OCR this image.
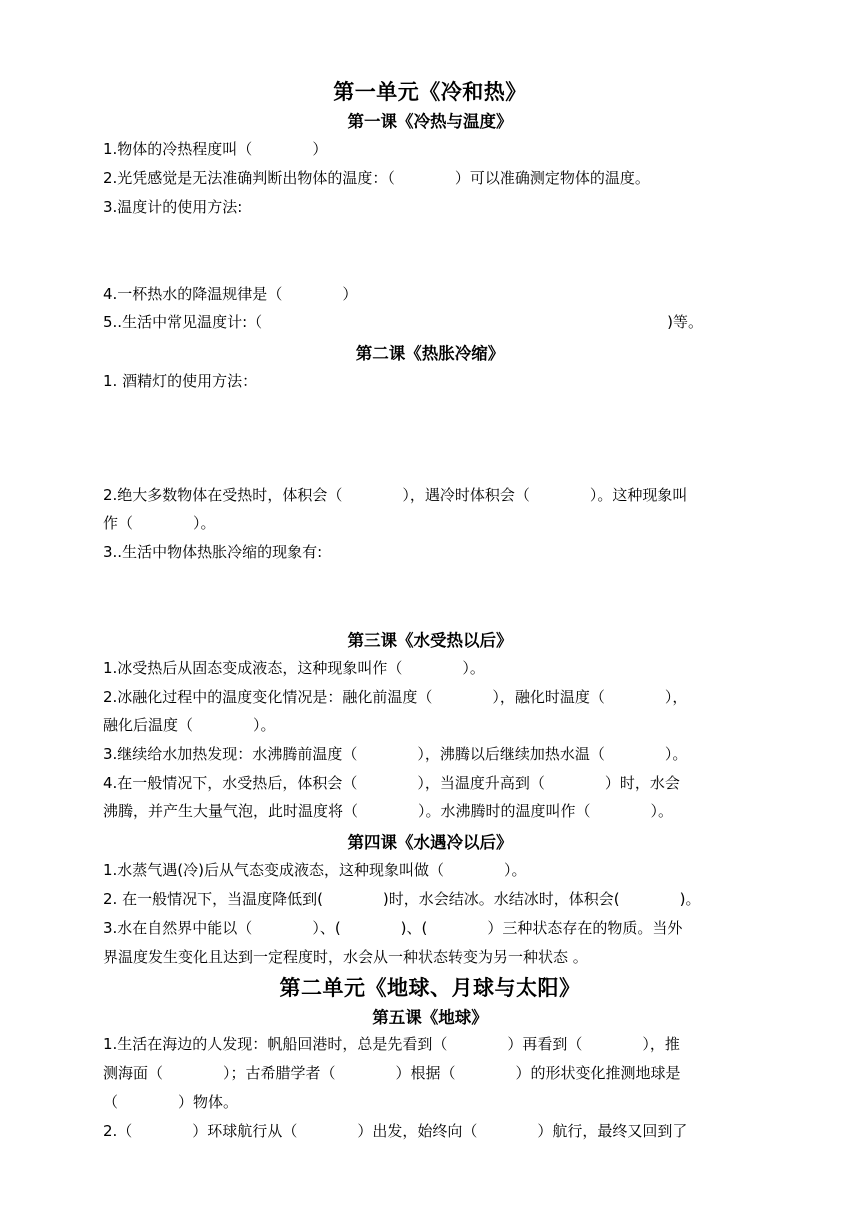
第一单元《冷和热》
第一课《冷热与温度》
1.物体的冷热程度叫（　　　　）
2.光凭感觉是无法准确判断出物体的温度：（　　　　）可以准确测定物体的温度。
3.温度计的使用方法:
4.一杯热水的降温规律是（　　　　）
5..生活中常见温度计:（　　　　　　　　　　　　　　　　　　　　　　　　　　　)等。
第二课《热胀冷缩》
1. 酒精灯的使用方法：
2.绝大多数物体在受热时，体积会（　　　　），遇冷时体积会（　　　　）。这种现象叫
作（　　　　）。
3..生活中物体热胀冷缩的现象有:
第三课《水受热以后》
1.冰受热后从固态变成液态，这种现象叫作（　　　　）。
2.冰融化过程中的温度变化情况是：融化前温度（　　　　），融化时温度（　　　　），
融化后温度（　　　　）。
3.继续给水加热发现：水沸腾前温度（　　　　），沸腾以后继续加热水温（　　　　）。
4.在一般情况下，水受热后，体积会（　　　　），当温度升高到（　　　　）时，水会
沸腾，并产生大量气泡，此时温度将（　　　　）。水沸腾时的温度叫作（　　　　）。
第四课《水遇冷以后》
1.水蒸气遇(冷)后从气态变成液态，这种现象叫做（　　　　）。
2. 在一般情况下，当温度降低到(　　　　)时，水会结冰。水结冰时，体积会(　　　　)。
3.水在自然界中能以（　　　　）、(　　　　)、(　　　　）三种状态存在的物质。当外
界温度发生变化且达到一定程度时，水会从一种状态转变为另一种状态 。
第二单元《地球、月球与太阳》
第五课《地球》
1.生活在海边的人发现：帆船回港时，总是先看到（　　　　）再看到（　　　　），推
测海面（　　　　）；古希腊学者（　　　　）根据（　　　　）的形状变化推测地球是
（　　　　）物体。
2.（　　　　）环球航行从（　　　　）出发，始终向（　　　　）航行，最终又回到了
